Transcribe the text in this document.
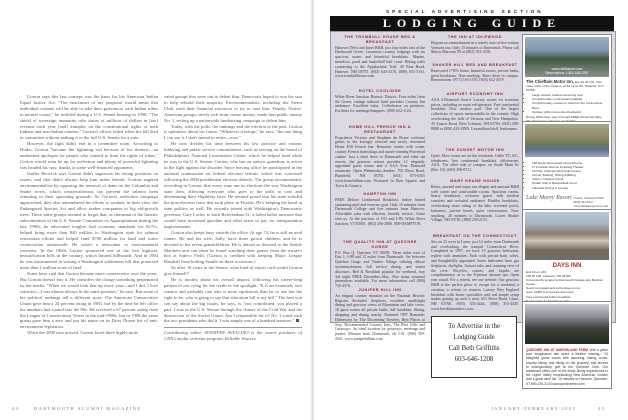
Gorton says this last concept was the basis for his American Indian Equal Justice Act. "The enactment of my proposal would mean that individual citizens will be able to take their grievances with Indian tribes to neutral courts," he testified during a U.S. Senate hearing in 1998. "The shield of sovereign immunity robs status of millions of dollars in [tax] revenue each year [and] tramples on the constitutional rights of both Indians and non-Indian citizens." Gorton's efforts failed when his bill died in committee without making it to the full U.S. Senate for a vote.

However, the fight didn't end in a committee room. According to Dutko, Gorton "became the lightning rod because of his rhetoric—an unabashed apologist for people who wanted to limit the rights of tribes." Gorton would soon be up for reelection and plenty of powerful lightning was headed his way, thanks to some well-financed opponents.

Staffer Berwick says Gorton didn't sugarcoat his strong positions on issues, and that didn't always help him make friends. Gorton angered environmentalists by opposing the removal of dams on the Columbia and Snake rivers, which conservationists say prevent the salmon from returning to their spawning grounds. As Gorton's reelection campaign approached, they also remembered his efforts to weaken, in their view, the Endangered Species Act and allow timber companies to log old-growth trees. These same groups seemed to forget that, as chairman of the Interior subcommittee of the U.S. Senate Committee on Appropriations during the late 1990s, he advocated tougher fuel economy standards for SUVs, helped bring more than $40 million to Washington state for salmon restoration efforts and helped fund $700 million for land and water conservation nationwide. He wasn't a newcomer to environmental concerns. In the 1960s Gorton sponsored one of the first highway beautification bills in the country, which limited billboards. And in 1984 he was instrumental in writing a Washington wilderness bill that protected more than 1 million acres of land.

Some have said that Gorton became more conservative over the years. But Gorton doesn't buy it. He considers the charge something perpetuated by the media. "When we would look that up every year—and I did, I love statistics—I was almost always in the same position," he says. But some of his political rankings tell a different story. The American Conservative Union gave him a 24 percent rating in 1983, but by the time he left office his numbers had soared into the 80s. He received a 67 percent rating from the League of Conservation Voters in the mid-1980s, but in 1998 the same group gave him a zero and put his name on its Dirty Dozen list of anti-environment legislators.

When the 2000 race arrived, Gorton faced three highly moti-

vated groups that were out to defeat him. Democrats hoped to win his seat to help rebuild their majority. Environmentalists, including the Sierra Club, used their financial resources to try to oust him. Finally, Native-American groups, newly rich from casino money, made him public enemy No. 1, setting up a nationwide fundraising campaign to defeat him.

Today, with the polls, the rankings and the election in the past, Gorton is optimistic about his future. "Whatever it brings," he says, "the one thing I can say is I don't intend to retire—ever."

He now divides his time between his law practice and various lobbying and public service commitments, such as serving on the board of Philadelphia's National Constitution Center, which he helped fund while he was in the U.S. Senate. Gorton, who has an autistic grandson, is active in the fight against the disorder. Since leaving office he participated in the national commission on federal election reform, which was convened following the 2000 presidential election debacle. The group recommended, according to Gorton, that every state run its elections the way Washington state does, allowing everyone who goes to the polls to vote and determining their eligibility later. He seemed proud that his state avoided the post-election farce that took place in Florida. He's keeping his hand in state politics as well. He recently joined with Washington's Democratic governor, Gary Locke, to back Referendum 51, a failed ballot measure that would have increased gasoline and other taxes to pay for transportation improvements.

Gorton also keeps busy outside the office. At age 74, he is still an avid runner. He and his wife, Sally, have three grown children, and he is devoted to his seven grandchildren. He is almost as devoted to the Seattle Mariners and can often be found watching their games from the owner's box at Safeco Field. (Gorton is credited with keeping Major League Baseball from bolting Seattle on three occasions.)

So after 18 years in the Senate, what kind of report card would Gorton give himself?

He is modest about his overall impact, following his career-long pattern of not vying for the credit or the spotlight. "It is an extremely rare senator and probably one who is more egotistical than he or she has the right to be, who is going to say that education bill is my bill." The best you can say about the big issues, he says, is "you contributed, you played a part. I was in the U.S. Senate through the climax of the Cold War and the destruction of the Soviet Union. Am I responsible for it? No. I voted with the two presidents who did it. I was simply one of a hundred senators."

Contributing editor JENNIFER AVELLINO is the senior producer of CNN's media criticism program, Reliable Sources.

44	DARTMOUTH ALUMNI MAGAZINE
SPECIAL ADVERTISING SECTION
LODGING GUIDE
THE TRUMBULL HOUSE BED & BREAKFAST
Hanover (New and Inner B&B, just four miles east of the Dartmouth Green. Luxurious country lodgings with six spacious rooms and bountiful breakfasts. Maples, meadows, pond and basketball half court. Hiking trails connecting to the Appalachian Trail. 40 Etna Road, Hanover, NH 03755. (603) 643-2370, (800) 651-5141. www.trumbullhouse.com
HOTEL COOLIDGE
White River Junction Historic District. Four miles from the Green, vintage railroad hotel provides Country Inn ambiance. Excellent value. Coffeehouse on premises. Facilities for meetings/banquets. (800) 622-1124.
HOME HILL FRENCH INN & RESTAURANT
Proprietors Victoria and Stephane du Roure welcome guests to the lovingly restored and newly renovated Home Hill French Inn. Romantic rooms with warm, country French furnishings and award-winning Provencal cuisine. Just a short drive to Dartmouth and other ski resorts, the gracious retreat provides 12 elegantly appointed guest rooms and a AAA Four Diamond restaurant. Open Wednesday–Sunday. 703 River Road, Plainfield, NH 03781. (603) 675-6165 www.homehillinn.com. Featured in Bon Appetit and Town & Country.
HAMPTON INN
FREE Deluxe Continental Breakfast, indoor heated swimming pool and exercise gym. Only 10 minutes from Dartmouth College and five minutes from Hanover. Affordable rates with efficient, friendly service. Come visit us. At the junction of I-91 and I-89, White River Junction, VT 05001. (802) 296-2800. 800-HAMPTON.
THE QUALITY INN AT QUECHEE GORGE
P.O. Box Q, Quechee, VT 05059. Three miles west of Exit 1, I-89 and 12 miles from Dartmouth. Set between Quechee Gorge and Timber Village offering deluxe accommodations, full service dining, and senior discounts. Bed & Breakfast popular for weekend, stay 3rd night FREE December–May. Also many seasonal promotions available. For more information call (800) 732-4376.
JUNIPER HILL INN
An elegant country mansion on the National Historic Register. Secluded, fireplaces, excellent candlelight dining and gracious views of Mountains and lake views. 16 guest rooms all private baths, full breakfast. Skiing, shopping and dining nearby. Featured 1997 Romantic Hideaways by The Discerning Traveler, Best Places to Stay, Recommended Country Inns, The Best Gifts and Getaways. An ideal location for getaways, meetings and parties. Minutes from Dartmouth, off I-91. (800) 359-2541. www.juniperhillinn.com
THE INN AT IDLEWOOD
Elegant accommodations in a stately turn-of-the-century Vermont inn. Only 15 minutes to Dartmouth. Please call Marcy Marceau '85 at (802) 763-3256.
SHAKER HILL BED AND BREAKFAST
Renovated 1790's home, beautiful rooms, private baths, great breakfasts. Non-smoking. Short drive to campus. Reservations: (877) 516-1370, (603) 632-4519.
AIRPORT ECONOMY INN
AAA 3-Diamond Award. Luxury rooms for economy prices, including in-room refrigerators. Free continental breakfast. New outdoor pool. One of the largest collections of sports memorabilia in the country. High overlooking the falls of Vermont and New Hampshire. 45 Airport Road, West Lebanon, NH 03784. (603) 298-8888 or (800) 433-3INN. LexandSonAdolf, Innkeepers.
THE SUNSET MOTOR INN
Quiet. Most rooms are on the riverbank. Cable TV, A/C, telephones, free continental breakfast, efficiencies, AAA. The other side of campus, on South Main St. (Rte. 10). (603) 298-8721.
MARY KEANE HOUSE
Relax, unwind and enjoy our elegant and unusual B&B with warm and comfortable rooms. Spacious rooms, hearty breakfasts, welcome guests with modern comforts and secluded ambiance. Healthy breakfasts, overlooking stone ruling of the lake, screened porch, balconies, private beach, quiet conversation. Non-smoking. 20 minutes to Dartmouth. Lower Shaker Village, NH 03748. (888) 239-2153.
BREAKFAST ON THE CONNECTICUT
Sits on 23 acres in Lyme, just 12 miles from Dartmouth and overlooking the tranquil Connecticut River. Completed in 1997, we have 15 gracious bedrooms, replete with amenities. Each with private bath, robes, and thoughtfully appointed. Some bedrooms have gas fireplaces, skylights, Jacuzzi tubs, and stunning view of the river. Bicycles, canoes, and kayaks are complimentary, as is the 8-person Jacuzzi spa. Open year round. For a retreat, see our website. Our gracious B&B is the perfect place to escape for a weekend, a vacation, a retreat, or reunion. Luxury New England breakfast with house specialties and real maple syrup makes getting up such a treat. 651 River Road, Lyme, NH 03768. (603) 353-4444, (888) 353-4440. www.breakfastonthect.com
To Advertise in the
Lodging Guide
Call Beth Griffiths
603-646-1208
www.chieftaininn.com
Reservations: 1-800-845-3557
The Chieftain Motor Inn, Rte 10 off I-91. Two miles north of the campus, at 84 Lyme Rd. Hanover, N.H. 03755.
• Large outdoor heated swimming pool
• Complimentary continental breakfast
• Complimentary canoes to travel on the Connecticut River
• Outdoor grills in tree-lined backyard
During Winterfest, stay 3rd night FREE November-May.
• 138 Newly Renovated Guest Rooms
• 17 Fountain Rooms including Theater
• 18-Hole Championship Golf Course
• Tennis, Boating, Hiking & Biking
• Indoor / Outdoor Pools
• Health Club & Racquetball Court
• Lakeside Dining & Lounge
Lake Morey Resort Fairlee, Vermont 05045
(800) 423-6227
www.lakemoreyresort.com
DAYS INN
Exit 18 on I-89
135 Rt 120, Lebanon, NH 03766
Conveniently located to Dartmouth College and Medical Center
Newly renovated and extra large rooms
AAA, AARP & Corporate discounts
Free continental buffet breakfast
QUECHEE INN AT MARSHLAND FARM Visit a place your imagination has spent a lifetime missing... 24 delightful guest rooms with canoeing, biking, cross-country skiing, and hiking on the property, and access to championship golf at the Quechee Club. Our restaurant offers one of the finest dining experiences in the Upper Valley emphasizing New American Cuisine and a great wine list. 15 minutes to Hanover. Quechee, VT 800-235-3133 www.quecheeinn.com
JANUARY/FEBRUARY 2003	45
